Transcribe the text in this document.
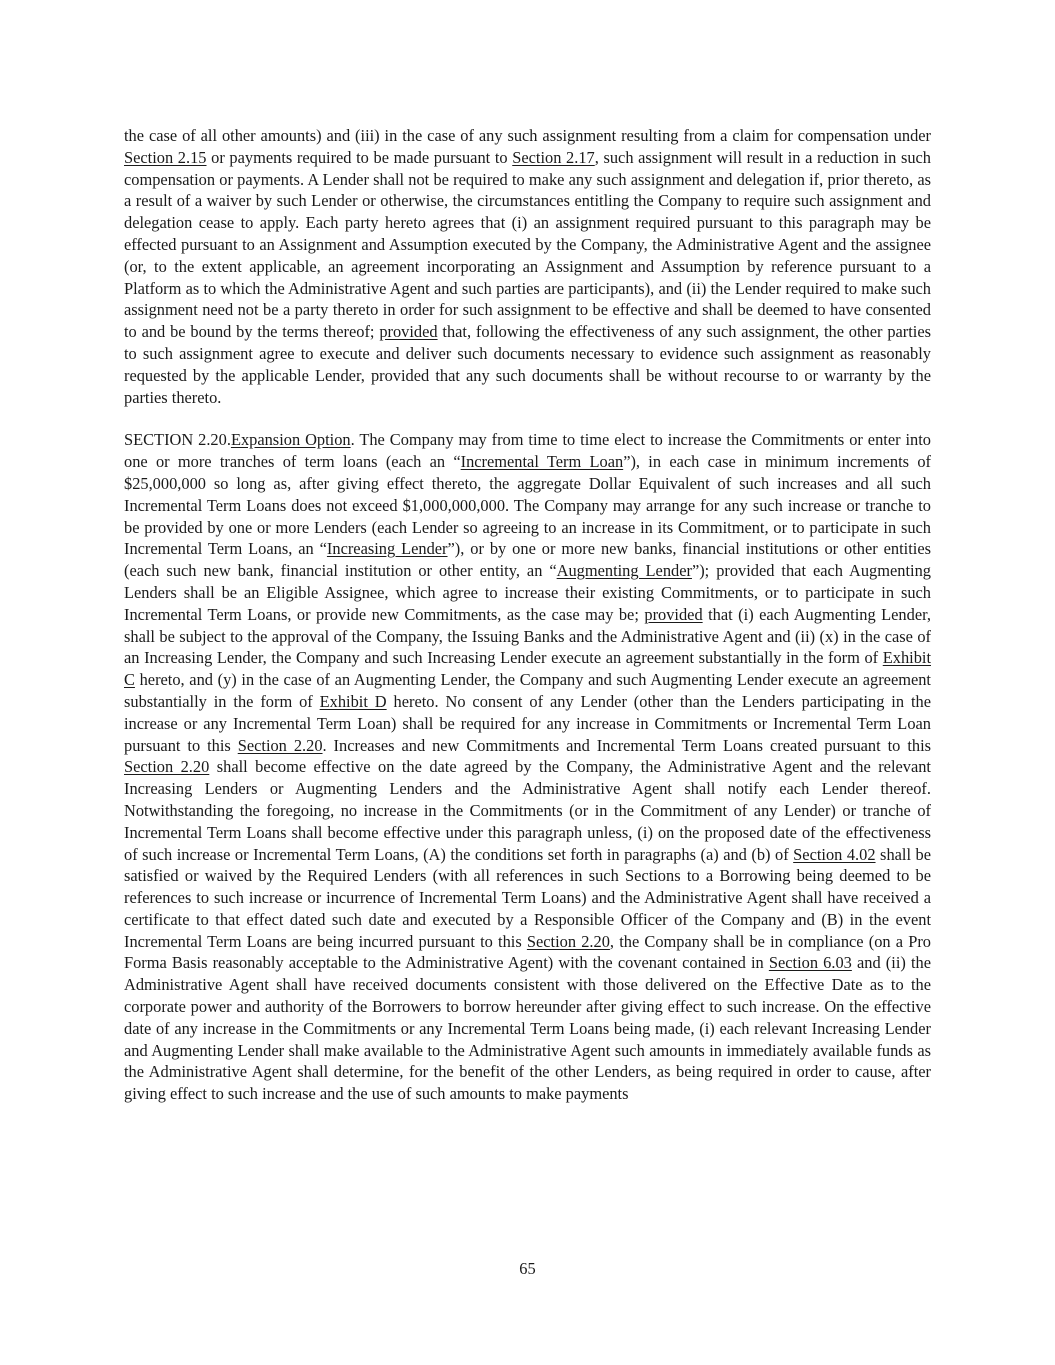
the case of all other amounts) and (iii) in the case of any such assignment resulting from a claim for compensation under Section 2.15 or payments required to be made pursuant to Section 2.17, such assignment will result in a reduction in such compensation or payments. A Lender shall not be required to make any such assignment and delegation if, prior thereto, as a result of a waiver by such Lender or otherwise, the circumstances entitling the Company to require such assignment and delegation cease to apply. Each party hereto agrees that (i) an assignment required pursuant to this paragraph may be effected pursuant to an Assignment and Assumption executed by the Company, the Administrative Agent and the assignee (or, to the extent applicable, an agreement incorporating an Assignment and Assumption by reference pursuant to a Platform as to which the Administrative Agent and such parties are participants), and (ii) the Lender required to make such assignment need not be a party thereto in order for such assignment to be effective and shall be deemed to have consented to and be bound by the terms thereof; provided that, following the effectiveness of any such assignment, the other parties to such assignment agree to execute and deliver such documents necessary to evidence such assignment as reasonably requested by the applicable Lender, provided that any such documents shall be without recourse to or warranty by the parties thereto.

SECTION 2.20.Expansion Option. The Company may from time to time elect to increase the Commitments or enter into one or more tranches of term loans (each an “Incremental Term Loan”), in each case in minimum increments of $25,000,000 so long as, after giving effect thereto, the aggregate Dollar Equivalent of such increases and all such Incremental Term Loans does not exceed $1,000,000,000. The Company may arrange for any such increase or tranche to be provided by one or more Lenders (each Lender so agreeing to an increase in its Commitment, or to participate in such Incremental Term Loans, an “Increasing Lender”), or by one or more new banks, financial institutions or other entities (each such new bank, financial institution or other entity, an “Augmenting Lender”); provided that each Augmenting Lenders shall be an Eligible Assignee, which agree to increase their existing Commitments, or to participate in such Incremental Term Loans, or provide new Commitments, as the case may be; provided that (i) each Augmenting Lender, shall be subject to the approval of the Company, the Issuing Banks and the Administrative Agent and (ii) (x) in the case of an Increasing Lender, the Company and such Increasing Lender execute an agreement substantially in the form of Exhibit C hereto, and (y) in the case of an Augmenting Lender, the Company and such Augmenting Lender execute an agreement substantially in the form of Exhibit D hereto. No consent of any Lender (other than the Lenders participating in the increase or any Incremental Term Loan) shall be required for any increase in Commitments or Incremental Term Loan pursuant to this Section 2.20. Increases and new Commitments and Incremental Term Loans created pursuant to this Section 2.20 shall become effective on the date agreed by the Company, the Administrative Agent and the relevant Increasing Lenders or Augmenting Lenders and the Administrative Agent shall notify each Lender thereof. Notwithstanding the foregoing, no increase in the Commitments (or in the Commitment of any Lender) or tranche of Incremental Term Loans shall become effective under this paragraph unless, (i) on the proposed date of the effectiveness of such increase or Incremental Term Loans, (A) the conditions set forth in paragraphs (a) and (b) of Section 4.02 shall be satisfied or waived by the Required Lenders (with all references in such Sections to a Borrowing being deemed to be references to such increase or incurrence of Incremental Term Loans) and the Administrative Agent shall have received a certificate to that effect dated such date and executed by a Responsible Officer of the Company and (B) in the event Incremental Term Loans are being incurred pursuant to this Section 2.20, the Company shall be in compliance (on a Pro Forma Basis reasonably acceptable to the Administrative Agent) with the covenant contained in Section 6.03 and (ii) the Administrative Agent shall have received documents consistent with those delivered on the Effective Date as to the corporate power and authority of the Borrowers to borrow hereunder after giving effect to such increase. On the effective date of any increase in the Commitments or any Incremental Term Loans being made, (i) each relevant Increasing Lender and Augmenting Lender shall make available to the Administrative Agent such amounts in immediately available funds as the Administrative Agent shall determine, for the benefit of the other Lenders, as being required in order to cause, after giving effect to such increase and the use of such amounts to make payments

65
